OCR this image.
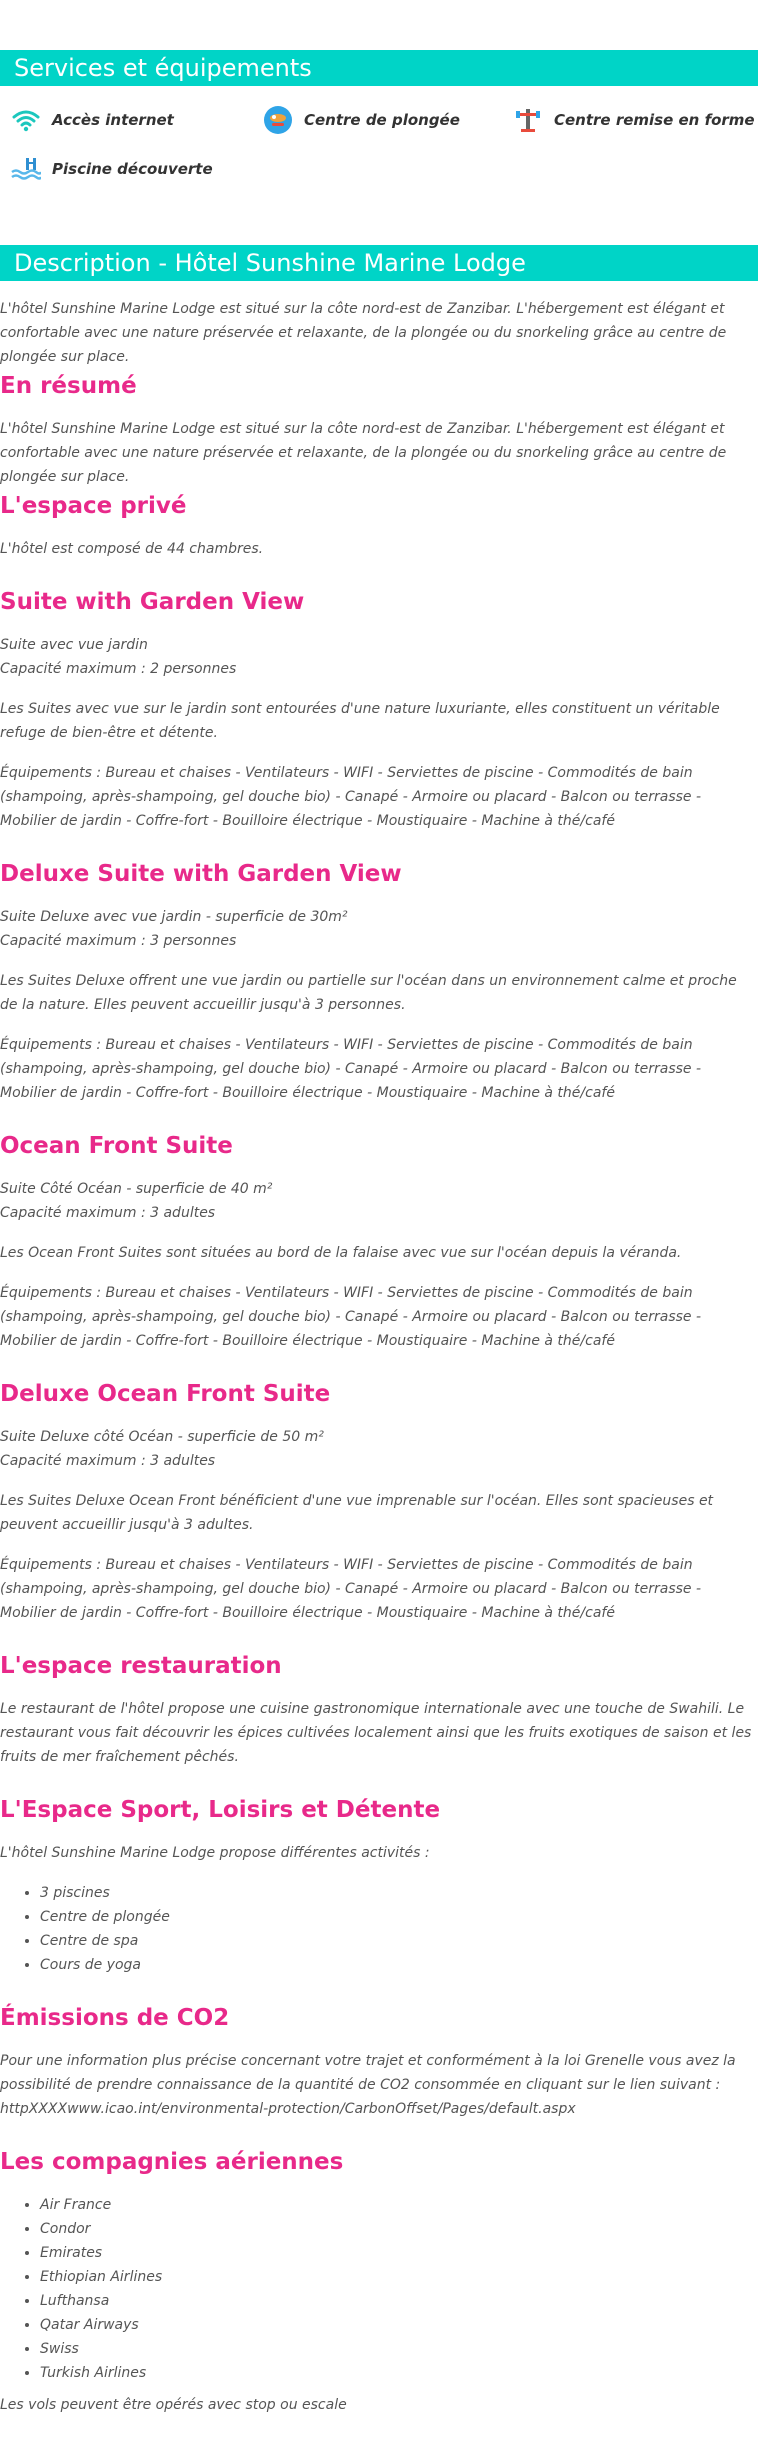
Services et équipements
Accès internet	Centre de plongée	Centre remise en forme
Piscine découverte
Description - Hôtel Sunshine Marine Lodge
L'hôtel Sunshine Marine Lodge est situé sur la côte nord-est de Zanzibar. L'hébergement est élégant et confortable avec une nature préservée et relaxante, de la plongée ou du snorkeling grâce au centre de plongée sur place.
En résumé
L'hôtel Sunshine Marine Lodge est situé sur la côte nord-est de Zanzibar. L'hébergement est élégant et confortable avec une nature préservée et relaxante, de la plongée ou du snorkeling grâce au centre de plongée sur place.
L'espace privé
L'hôtel est composé de 44 chambres.
Suite with Garden View
Suite avec vue jardin
Capacité maximum : 2 personnes
Les Suites avec vue sur le jardin sont entourées d'une nature luxuriante, elles constituent un véritable refuge de bien-être et détente.
Équipements : Bureau et chaises - Ventilateurs - WIFI - Serviettes de piscine - Commodités de bain (shampoing, après-shampoing, gel douche bio) - Canapé - Armoire ou placard - Balcon ou terrasse - Mobilier de jardin - Coffre-fort - Bouilloire électrique - Moustiquaire - Machine à thé/café
Deluxe Suite with Garden View
Suite Deluxe avec vue jardin - superficie de 30m²
Capacité maximum : 3 personnes
Les Suites Deluxe offrent une vue jardin ou partielle sur l'océan dans un environnement calme et proche de la nature. Elles peuvent accueillir jusqu'à 3 personnes.
Équipements : Bureau et chaises - Ventilateurs - WIFI - Serviettes de piscine - Commodités de bain (shampoing, après-shampoing, gel douche bio) - Canapé - Armoire ou placard - Balcon ou terrasse - Mobilier de jardin - Coffre-fort - Bouilloire électrique - Moustiquaire - Machine à thé/café
Ocean Front Suite
Suite Côté Océan - superficie de 40 m²
Capacité maximum : 3 adultes
Les Ocean Front Suites sont situées au bord de la falaise avec vue sur l'océan depuis la véranda.
Équipements : Bureau et chaises - Ventilateurs - WIFI - Serviettes de piscine - Commodités de bain (shampoing, après-shampoing, gel douche bio) - Canapé - Armoire ou placard - Balcon ou terrasse - Mobilier de jardin - Coffre-fort - Bouilloire électrique - Moustiquaire - Machine à thé/café
Deluxe Ocean Front Suite
Suite Deluxe côté Océan - superficie de 50 m²
Capacité maximum : 3 adultes
Les Suites Deluxe Ocean Front bénéficient d'une vue imprenable sur l'océan. Elles sont spacieuses et peuvent accueillir jusqu'à 3 adultes.
Équipements : Bureau et chaises - Ventilateurs - WIFI - Serviettes de piscine - Commodités de bain (shampoing, après-shampoing, gel douche bio) - Canapé - Armoire ou placard - Balcon ou terrasse - Mobilier de jardin - Coffre-fort - Bouilloire électrique - Moustiquaire - Machine à thé/café
L'espace restauration
Le restaurant de l'hôtel propose une cuisine gastronomique internationale avec une touche de Swahili. Le restaurant vous fait découvrir les épices cultivées localement ainsi que les fruits exotiques de saison et les fruits de mer fraîchement pêchés.
L'Espace Sport, Loisirs et Détente
L'hôtel Sunshine Marine Lodge propose différentes activités :
• 3 piscines
• Centre de plongée
• Centre de spa
• Cours de yoga
Émissions de CO2
Pour une information plus précise concernant votre trajet et conformément à la loi Grenelle vous avez la possibilité de prendre connaissance de la quantité de CO2 consommée en cliquant sur le lien suivant :
httpXXXXwww.icao.int/environmental-protection/CarbonOffset/Pages/default.aspx
Les compagnies aériennes
• Air France
• Condor
• Emirates
• Ethiopian Airlines
• Lufthansa
• Qatar Airways
• Swiss
• Turkish Airlines
Les vols peuvent être opérés avec stop ou escale
